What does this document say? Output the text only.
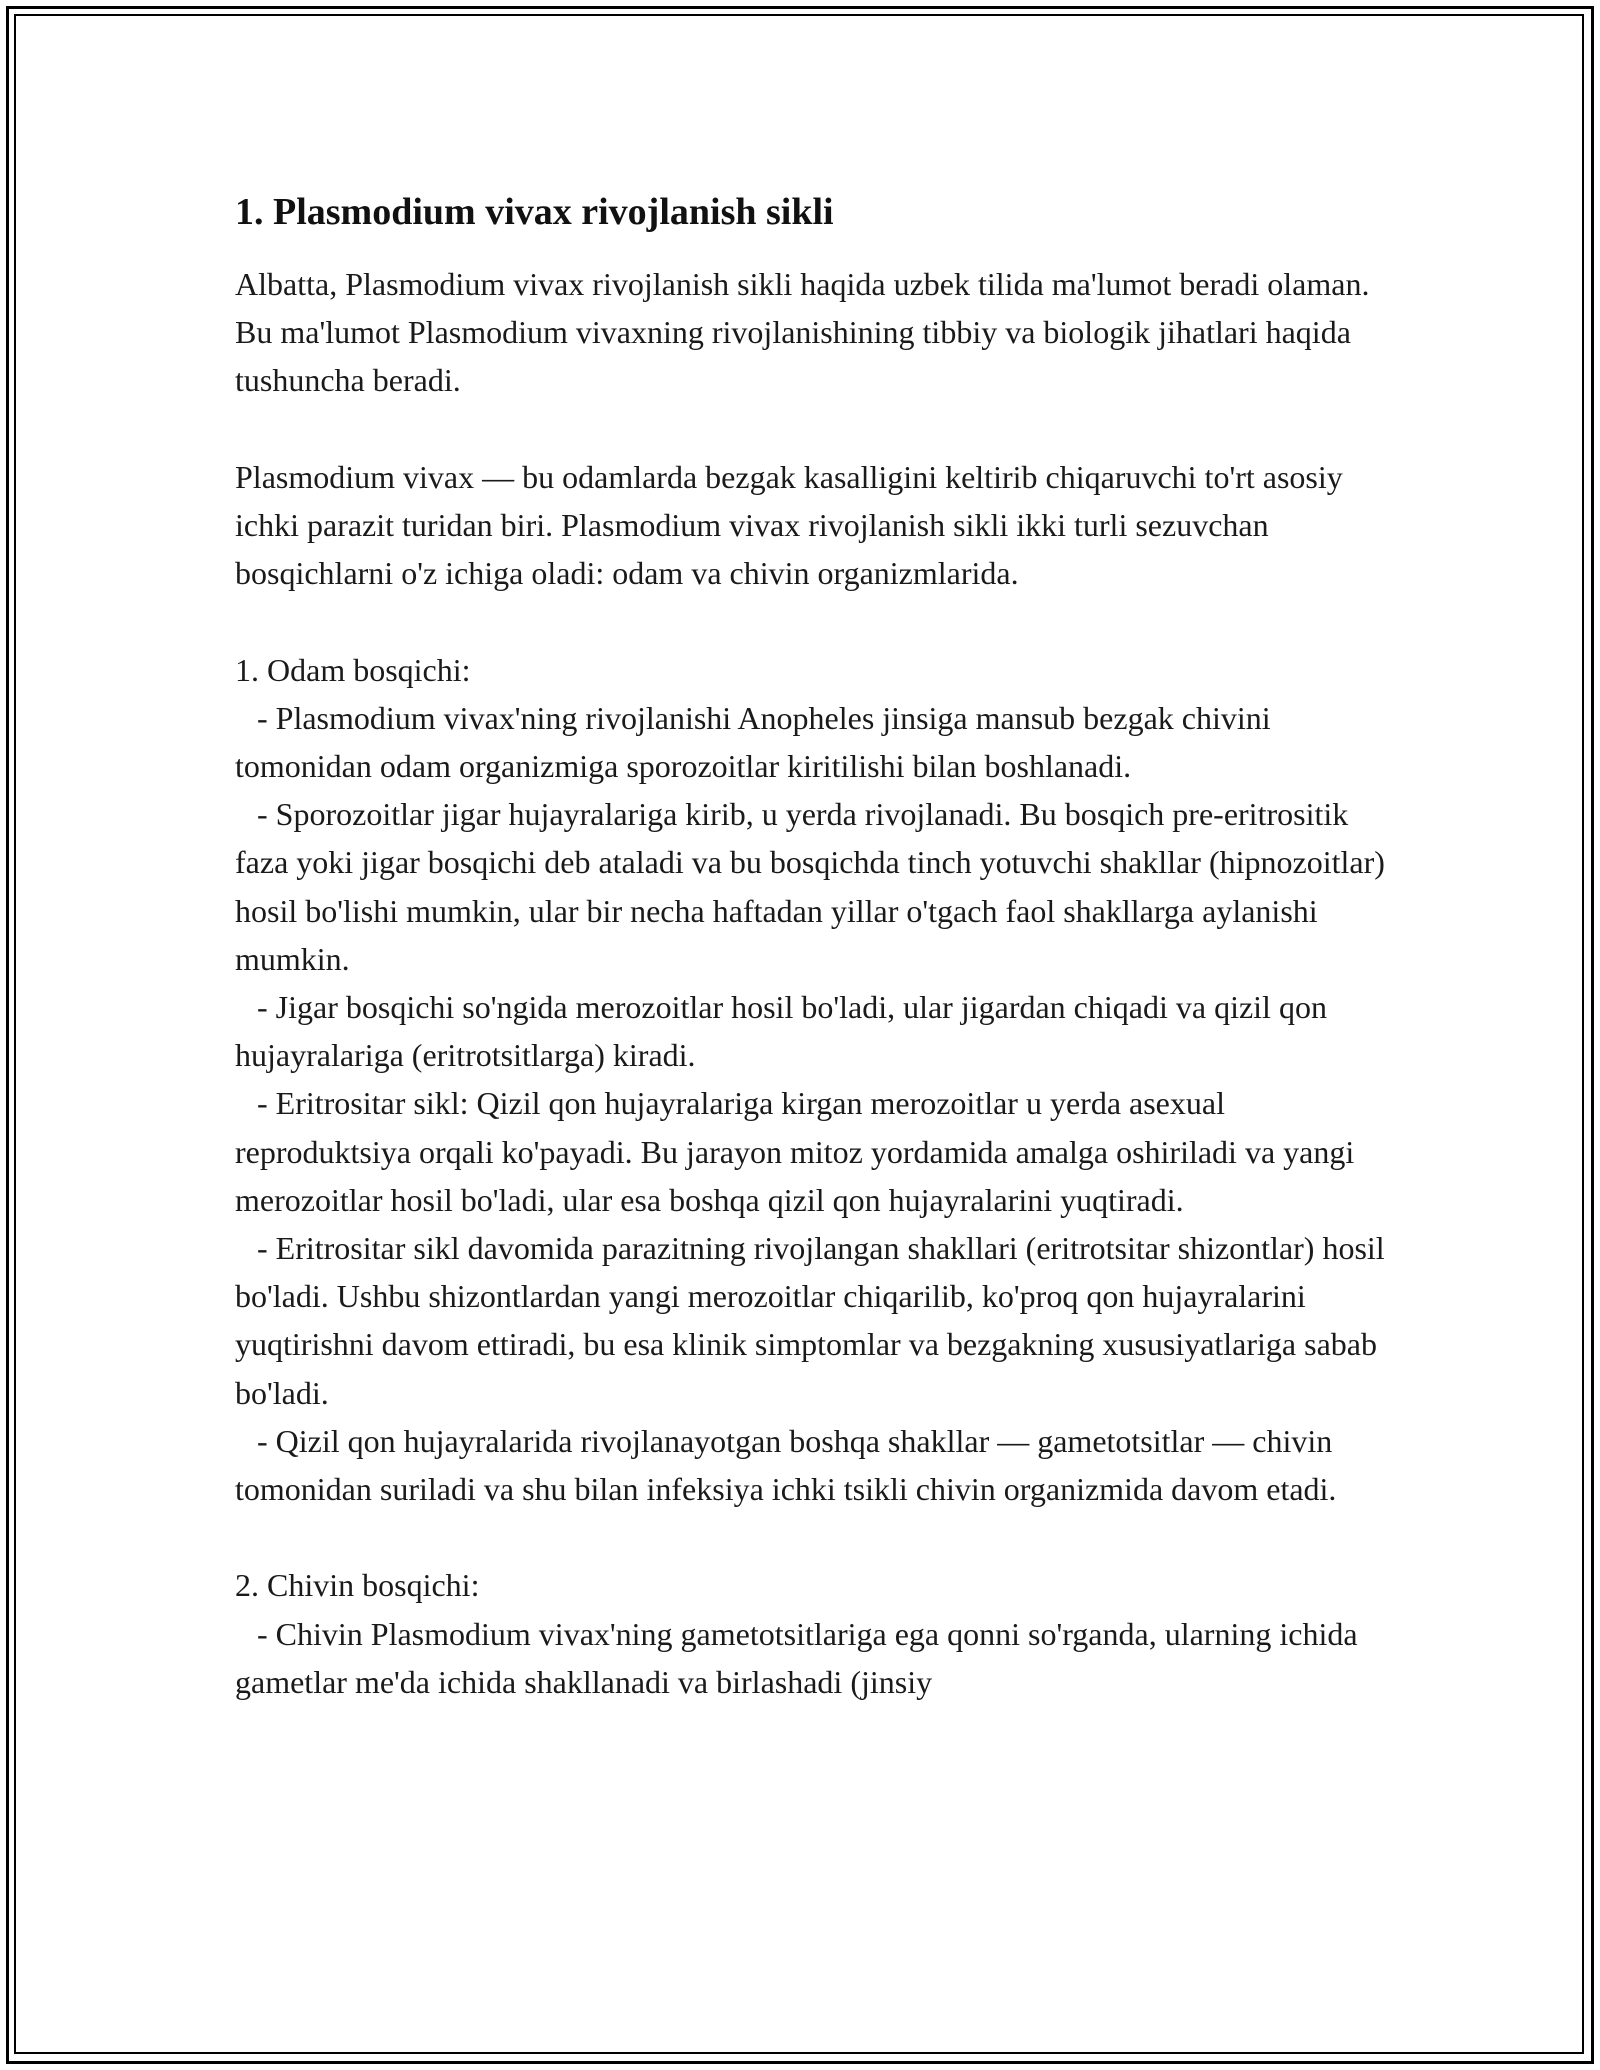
1. Plasmodium vivax rivojlanish sikli

Albatta, Plasmodium vivax rivojlanish sikli haqida uzbek tilida ma'lumot beradi olaman. Bu ma'lumot Plasmodium vivaxning rivojlanishining tibbiy va biologik jihatlari haqida tushuncha beradi.

Plasmodium vivax — bu odamlarda bezgak kasalligini keltirib chiqaruvchi to'rt asosiy ichki parazit turidan biri. Plasmodium vivax rivojlanish sikli ikki turli sezuvchan bosqichlarni o'z ichiga oladi: odam va chivin organizmlarida.

1. Odam bosqichi:

- Plasmodium vivax'ning rivojlanishi Anopheles jinsiga mansub bezgak chivini tomonidan odam organizmiga sporozoitlar kiritilishi bilan boshlanadi.

- Sporozoitlar jigar hujayralariga kirib, u yerda rivojlanadi. Bu bosqich pre-eritrositik faza yoki jigar bosqichi deb ataladi va bu bosqichda tinch yotuvchi shakllar (hipnozoitlar) hosil bo'lishi mumkin, ular bir necha haftadan yillar o'tgach faol shakllarga aylanishi mumkin.

- Jigar bosqichi so'ngida merozoitlar hosil bo'ladi, ular jigardan chiqadi va qizil qon hujayralariga (eritrotsitlarga) kiradi.

- Eritrositar sikl: Qizil qon hujayralariga kirgan merozoitlar u yerda asexual reproduktsiya orqali ko'payadi. Bu jarayon mitoz yordamida amalga oshiriladi va yangi merozoitlar hosil bo'ladi, ular esa boshqa qizil qon hujayralarini yuqtiradi.

- Eritrositar sikl davomida parazitning rivojlangan shakllari (eritrotsitar shizontlar) hosil bo'ladi. Ushbu shizontlardan yangi merozoitlar chiqarilib, ko'proq qon hujayralarini yuqtirishni davom ettiradi, bu esa klinik simptomlar va bezgakning xususiyatlariga sabab bo'ladi.

- Qizil qon hujayralarida rivojlanayotgan boshqa shakllar — gametotsitlar — chivin tomonidan suriladi va shu bilan infeksiya ichki tsikli chivin organizmida davom etadi.

2. Chivin bosqichi:

- Chivin Plasmodium vivax'ning gametotsitlariga ega qonni so'rganda, ularning ichida gametlar me'da ichida shakllanadi va birlashadi (jinsiy
